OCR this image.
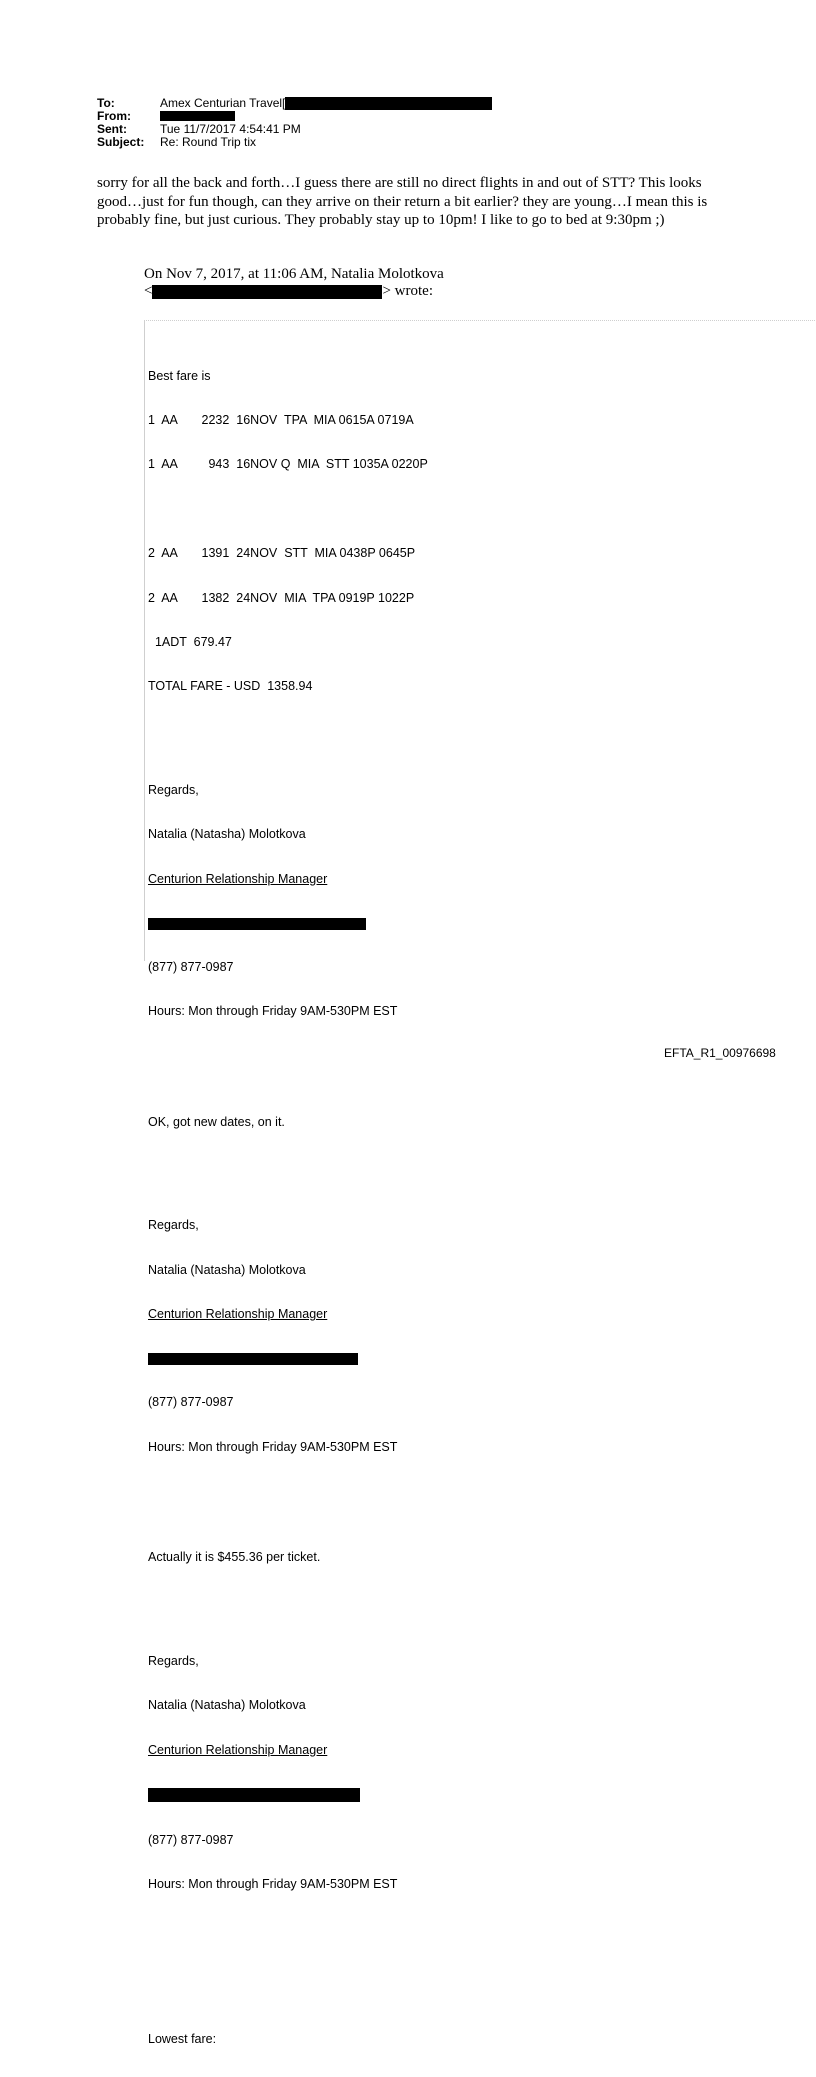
To:	Amex Centurian Travel[
From:
Sent:	Tue 11/7/2017 4:54:41 PM
Subject:	Re: Round Trip tix
sorry for all the back and forth…I guess there are still no direct flights in and out of STT? This looks good…just for fun though, can they arrive on their return a bit earlier? they are young…I mean this is probably fine, but just curious. They probably stay up to 10pm! I like to go to bed at 9:30pm ;)
On Nov 7, 2017, at 11:06 AM, Natalia Molotkova
<	> wrote:

Best fare is

1  AA       2232  16NOV  TPA  MIA 0615A 0719A

1  AA         943  16NOV Q  MIA  STT 1035A 0220P

2  AA       1391  24NOV  STT  MIA 0438P 0645P

2  AA       1382  24NOV  MIA  TPA 0919P 1022P

1ADT  679.47

TOTAL FARE - USD  1358.94

Regards,

Natalia (Natasha) Molotkova

Centurion Relationship Manager

(877) 877-0987

Hours: Mon through Friday 9AM-530PM EST

OK, got new dates, on it.

Regards,

Natalia (Natasha) Molotkova

Centurion Relationship Manager

(877) 877-0987

Hours: Mon through Friday 9AM-530PM EST

Actually it is $455.36 per ticket.

Regards,

Natalia (Natasha) Molotkova

Centurion Relationship Manager

(877) 877-0987

Hours: Mon through Friday 9AM-530PM EST

Lowest fare:

EFTA_R1_00976698
